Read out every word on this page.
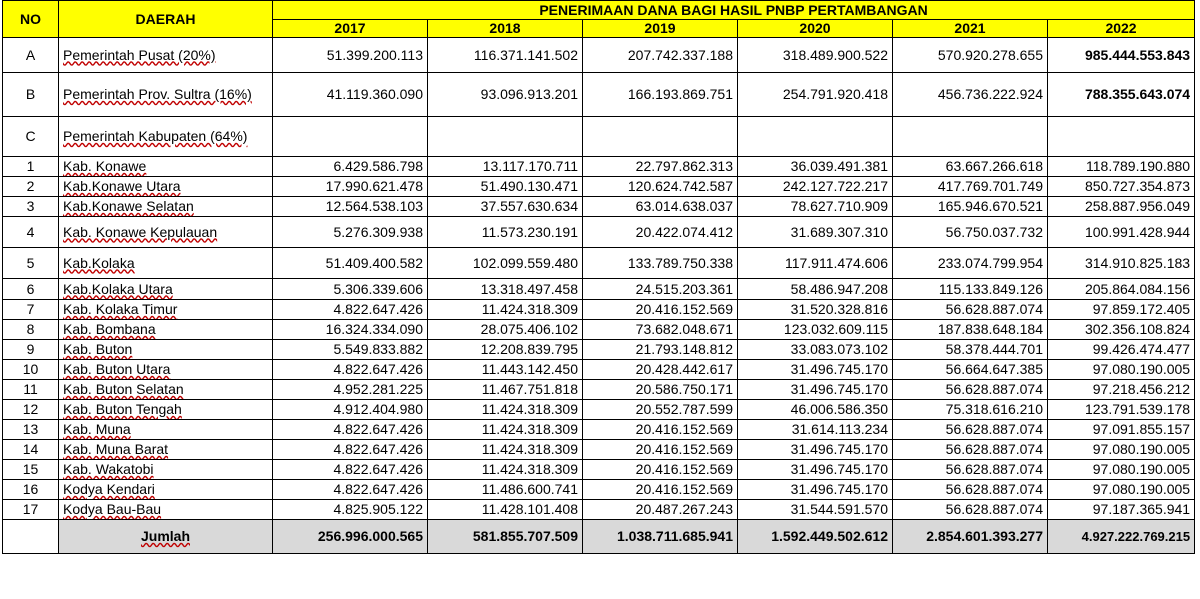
NO	DAERAH	PENERIMAAN DANA BAGI HASIL PNBP PERTAMBANGAN					
		2017	2018	2019	2020	2021	2022
A	Pemerintah Pusat (20%)	51.399.200.113	116.371.141.502	207.742.337.188	318.489.900.522	570.920.278.655	985.444.553.843
B	Pemerintah Prov. Sultra (16%)	41.119.360.090	93.096.913.201	166.193.869.751	254.791.920.418	456.736.222.924	788.355.643.074
C	Pemerintah Kabupaten (64%)						
1	Kab. Konawe	6.429.586.798	13.117.170.711	22.797.862.313	36.039.491.381	63.667.266.618	118.789.190.880
2	Kab.Konawe Utara	17.990.621.478	51.490.130.471	120.624.742.587	242.127.722.217	417.769.701.749	850.727.354.873
3	Kab.Konawe Selatan	12.564.538.103	37.557.630.634	63.014.638.037	78.627.710.909	165.946.670.521	258.887.956.049
4	Kab. Konawe Kepulauan	5.276.309.938	11.573.230.191	20.422.074.412	31.689.307.310	56.750.037.732	100.991.428.944
5	Kab.Kolaka	51.409.400.582	102.099.559.480	133.789.750.338	117.911.474.606	233.074.799.954	314.910.825.183
6	Kab.Kolaka Utara	5.306.339.606	13.318.497.458	24.515.203.361	58.486.947.208	115.133.849.126	205.864.084.156
7	Kab. Kolaka Timur	4.822.647.426	11.424.318.309	20.416.152.569	31.520.328.816	56.628.887.074	97.859.172.405
8	Kab. Bombana	16.324.334.090	28.075.406.102	73.682.048.671	123.032.609.115	187.838.648.184	302.356.108.824
9	Kab. Buton	5.549.833.882	12.208.839.795	21.793.148.812	33.083.073.102	58.378.444.701	99.426.474.477
10	Kab. Buton Utara	4.822.647.426	11.443.142.450	20.428.442.617	31.496.745.170	56.664.647.385	97.080.190.005
11	Kab. Buton Selatan	4.952.281.225	11.467.751.818	20.586.750.171	31.496.745.170	56.628.887.074	97.218.456.212
12	Kab. Buton Tengah	4.912.404.980	11.424.318.309	20.552.787.599	46.006.586.350	75.318.616.210	123.791.539.178
13	Kab. Muna	4.822.647.426	11.424.318.309	20.416.152.569	31.614.113.234	56.628.887.074	97.091.855.157
14	Kab. Muna Barat	4.822.647.426	11.424.318.309	20.416.152.569	31.496.745.170	56.628.887.074	97.080.190.005
15	Kab. Wakatobi	4.822.647.426	11.424.318.309	20.416.152.569	31.496.745.170	56.628.887.074	97.080.190.005
16	Kodya Kendari	4.822.647.426	11.486.600.741	20.416.152.569	31.496.745.170	56.628.887.074	97.080.190.005
17	Kodya Bau-Bau	4.825.905.122	11.428.101.408	20.487.267.243	31.544.591.570	56.628.887.074	97.187.365.941
	Jumlah	256.996.000.565	581.855.707.509	1.038.711.685.941	1.592.449.502.612	2.854.601.393.277	4.927.222.769.215
